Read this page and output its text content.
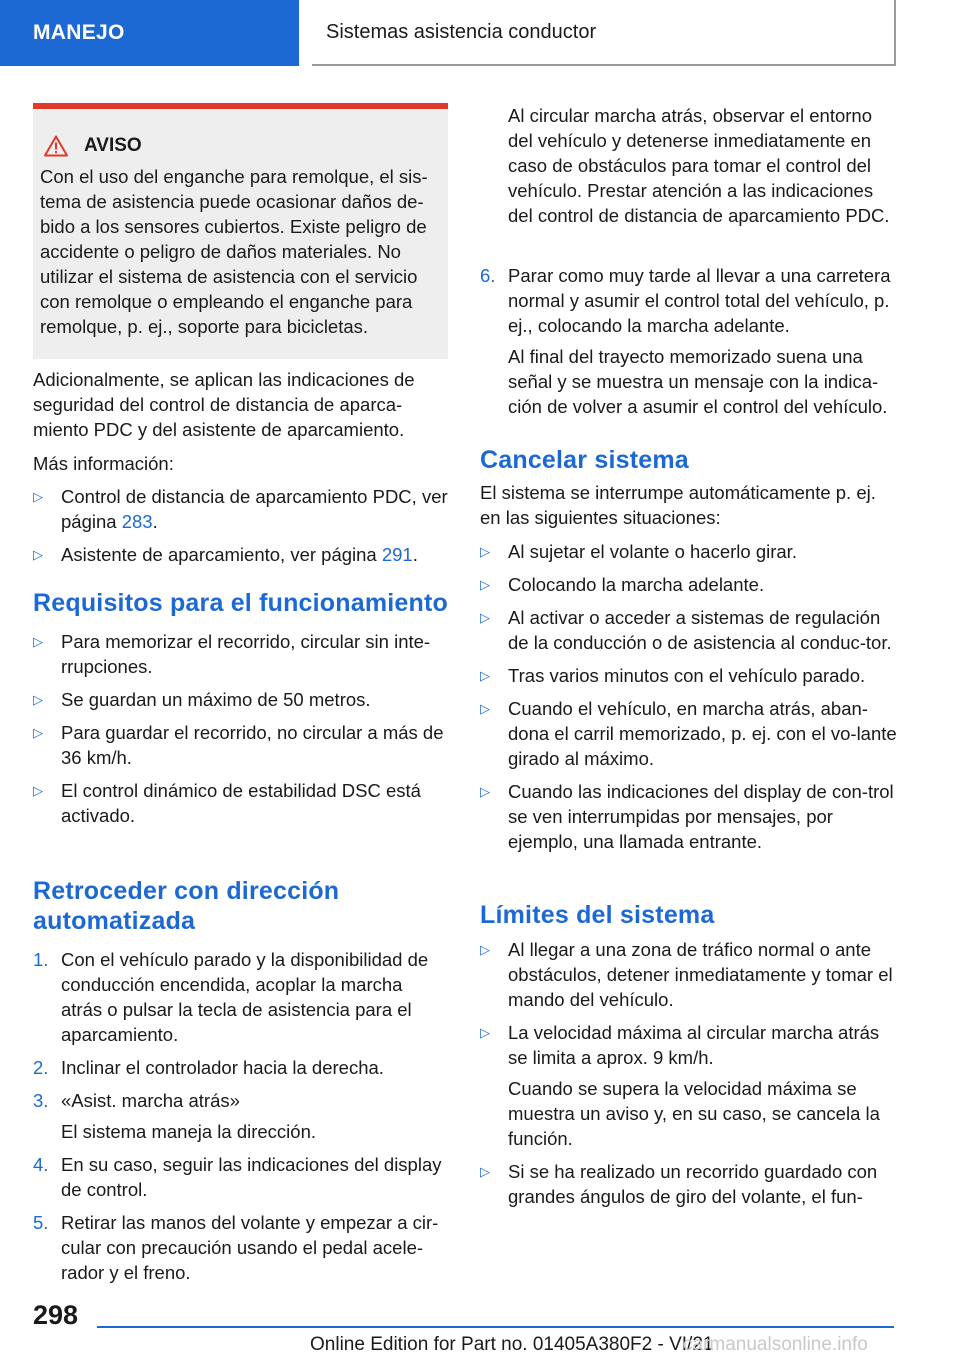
MANEJO	Sistemas asistencia conductor
AVISO

Con el uso del enganche para remolque, el sis-tema de asistencia puede ocasionar daños de-bido a los sensores cubiertos. Existe peligro de accidente o peligro de daños materiales. No utilizar el sistema de asistencia con el servicio con remolque o empleando el enganche para remolque, p. ej., soporte para bicicletas.

Adicionalmente, se aplican las indicaciones de seguridad del control de distancia de aparca-miento PDC y del asistente de aparcamiento.

Más información:

▷ Control de distancia de aparcamiento PDC, ver página 283.
▷ Asistente de aparcamiento, ver página 291.
Requisitos para el funcionamiento
▷ Para memorizar el recorrido, circular sin inte-rrupciones.
▷ Se guardan un máximo de 50 metros.
▷ Para guardar el recorrido, no circular a más de 36 km/h.
▷ El control dinámico de estabilidad DSC está activado.
Retroceder con dirección automatizada
1. Con el vehículo parado y la disponibilidad de conducción encendida, acoplar la marcha atrás o pulsar la tecla de asistencia para el aparcamiento.
2. Inclinar el controlador hacia la derecha.
3. «Asist. marcha atrás»

El sistema maneja la dirección.

4. En su caso, seguir las indicaciones del display de control.
5. Retirar las manos del volante y empezar a cir-cular con precaución usando el pedal acele-rador y el freno.

Al circular marcha atrás, observar el entorno del vehículo y detenerse inmediatamente en caso de obstáculos para tomar el control del vehículo. Prestar atención a las indicaciones del control de distancia de aparcamiento PDC.

6. Parar como muy tarde al llevar a una carretera normal y asumir el control total del vehículo, p. ej., colocando la marcha adelante.

Al final del trayecto memorizado suena una señal y se muestra un mensaje con la indica-ción de volver a asumir el control del vehículo.

Cancelar sistema

El sistema se interrumpe automáticamente p. ej. en las siguientes situaciones:

▷ Al sujetar el volante o hacerlo girar.
▷ Colocando la marcha adelante.
▷ Al activar o acceder a sistemas de regulación de la conducción o de asistencia al conduc-tor.
▷ Tras varios minutos con el vehículo parado.
▷ Cuando el vehículo, en marcha atrás, aban-dona el carril memorizado, p. ej. con el vo-lante girado al máximo.
▷ Cuando las indicaciones del display de con-trol se ven interrumpidas por mensajes, por ejemplo, una llamada entrante.
Límites del sistema
▷ Al llegar a una zona de tráfico normal o ante obstáculos, detener inmediatamente y tomar el mando del vehículo.
▷ La velocidad máxima al circular marcha atrás se limita a aprox. 9 km/h.

Cuando se supera la velocidad máxima se muestra un aviso y, en su caso, se cancela la función.

▷ Si se ha realizado un recorrido guardado con grandes ángulos de giro del volante, el fun-
298
Online Edition for Part no. 01405A380F2 - VI/21
carmanualsonline.info
